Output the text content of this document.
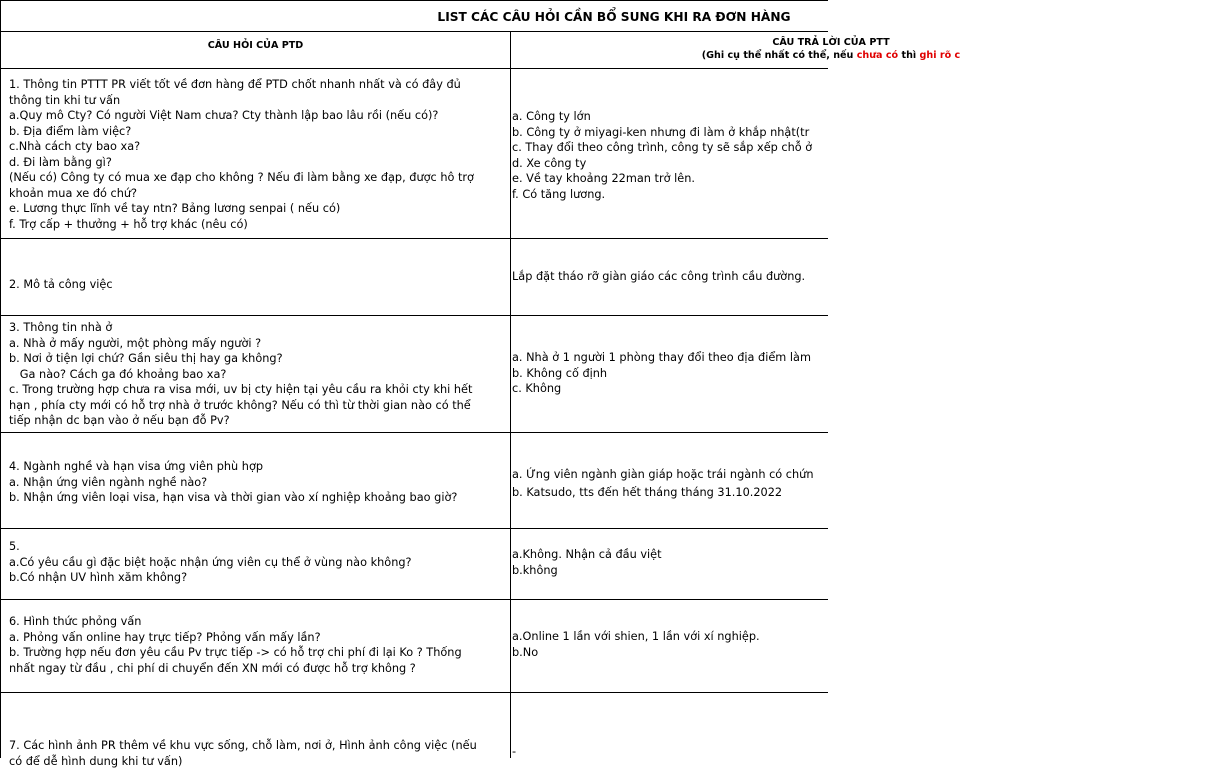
LIST CÁC CÂU HỎI CẦN BỔ SUNG KHI RA ĐƠN HÀNG
CÂU HỎI CỦA PTD	CÂU TRẢ LỜI CỦA PTT
(Ghi cụ thể nhất có thể, nếu chưa có thì ghi rõ c
1. Thông tin PTTT PR viết tốt về đơn hàng để PTD chốt nhanh nhất và có đây đủ
thông tin khi tư vấn
a.Quy mô Cty? Có người Việt Nam chưa? Cty thành lập bao lâu rồi (nếu có)?
b. Địa điểm làm việc?
c.Nhà cách cty bao xa?
d. Đi làm bằng gì?
(Nếu có) Công ty có mua xe đạp cho không ? Nếu đi làm bằng xe đạp, được hô trợ
khoản mua xe đó chứ?
e. Lương thực lĩnh về tay ntn? Bảng lương senpai ( nếu có)
f. Trợ cấp + thưởng + hỗ trợ khác (nêu có)
a. Công ty lớn
b. Công ty ở miyagi-ken nhưng đi làm ở khắp nhật(tr
c. Thay đổi theo công trình, công ty sẽ sắp xếp chỗ ở
d. Xe công ty
e. Về tay khoảng 22man trở lên.
f. Có tăng lương.
2. Mô tả công việc
Lắp đặt tháo rỡ giàn giáo các công trình cầu đường.
3. Thông tin nhà ở
a. Nhà ở mấy người, một phòng mấy người ?
b. Nơi ở tiện lợi chứ? Gần siêu thị hay ga không?
Ga nào? Cách ga đó khoảng bao xa?
c. Trong trường hợp chưa ra visa mới, uv bị cty hiện tại yêu cầu ra khỏi cty khi hết
hạn , phía cty mới có hỗ trợ nhà ở trước không? Nếu có thì từ thời gian nào có thể
tiếp nhận dc bạn vào ở nếu bạn đỗ Pv?
a. Nhà ở 1 người 1 phòng thay đổi theo địa điểm làm
b. Không cố định
c. Không
4. Ngành nghề và hạn visa ứng viên phù hợp
a. Nhận ứng viên ngành nghề nào?
b. Nhận ứng viên loại visa, hạn visa và thời gian vào xí nghiệp khoảng bao giờ?
a. Ứng viên ngành giàn giáp hoặc trái ngành có chứn
b. Katsudo, tts đến hết tháng tháng 31.10.2022
5.
a.Có yêu cầu gì đặc biệt hoặc nhận ứng viên cụ thể ở vùng nào không?
b.Có nhận UV hình xăm không?
a.Không. Nhận cả đầu việt
b.không
6. Hình thức phỏng vấn
a. Phỏng vấn online hay trực tiếp? Phỏng vấn mấy lần?
b. Trường hợp nếu đơn yêu cầu Pv trực tiếp -> có hỗ trợ chi phí đi lại Ko ? Thống
nhất ngay từ đầu , chi phí di chuyển đến XN mới có được hỗ trợ không ?
a.Online 1 lần với shien, 1 lần với xí nghiệp.
b.No
7. Các hình ảnh PR thêm về khu vực sống, chỗ làm, nơi ở, Hình ảnh công việc (nếu
có để dễ hình dung khi tư vấn)
-
